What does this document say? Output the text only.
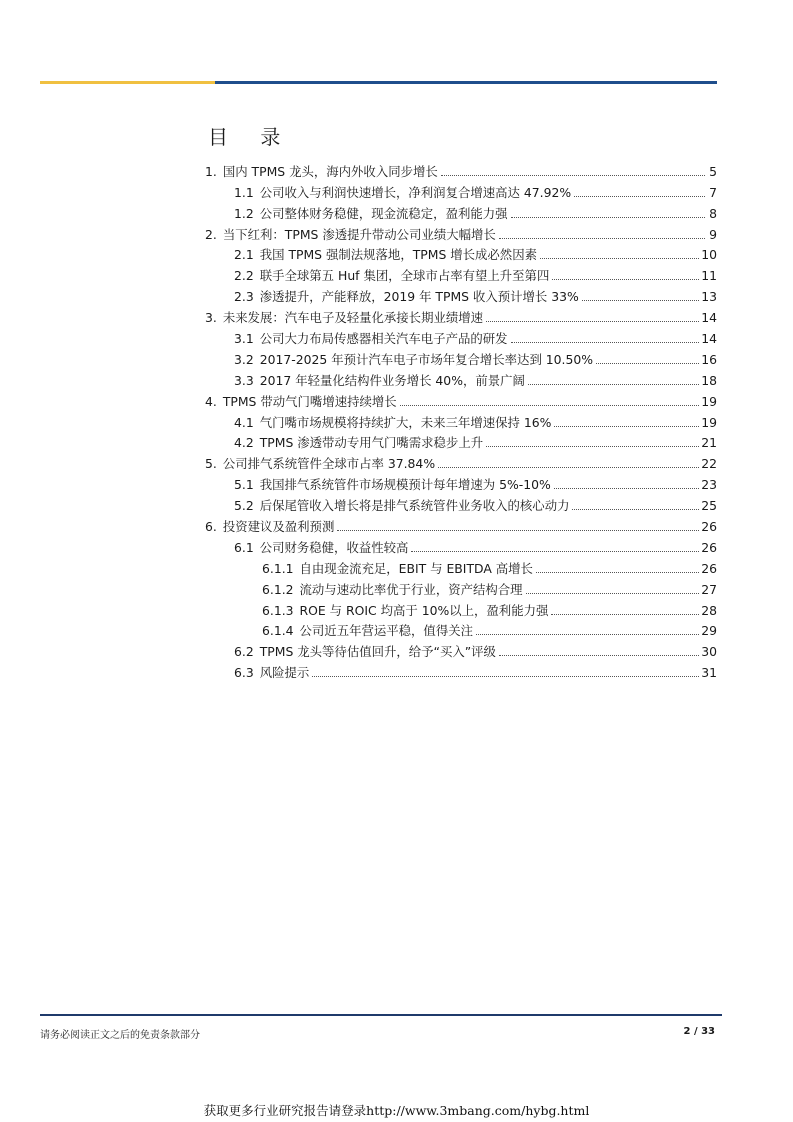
目 录
1. 国内 TPMS 龙头，海内外收入同步增长	5
1.1 公司收入与利润快速增长，净利润复合增速高达 47.92%	7
1.2 公司整体财务稳健，现金流稳定，盈利能力强	8
2. 当下红利：TPMS 渗透提升带动公司业绩大幅增长	9
2.1 我国 TPMS 强制法规落地，TPMS 增长成必然因素	10
2.2 联手全球第五 Huf 集团，全球市占率有望上升至第四	11
2.3 渗透提升，产能释放，2019 年 TPMS 收入预计增长 33%	13
3. 未来发展：汽车电子及轻量化承接长期业绩增速	14
3.1 公司大力布局传感器相关汽车电子产品的研发	14
3.2 2017-2025 年预计汽车电子市场年复合增长率达到 10.50%	16
3.3 2017 年轻量化结构件业务增长 40%，前景广阔	18
4. TPMS 带动气门嘴增速持续增长	19
4.1 气门嘴市场规模将持续扩大，未来三年增速保持 16%	19
4.2 TPMS 渗透带动专用气门嘴需求稳步上升	21
5. 公司排气系统管件全球市占率 37.84%	22
5.1 我国排气系统管件市场规模预计每年增速为 5%-10%	23
5.2 后保尾管收入增长将是排气系统管件业务收入的核心动力	25
6. 投资建议及盈利预测	26
6.1 公司财务稳健，收益性较高	26
6.1.1 自由现金流充足，EBIT 与 EBITDA 高增长	26
6.1.2 流动与速动比率优于行业，资产结构合理	27
6.1.3 ROE 与 ROIC 均高于 10%以上，盈利能力强	28
6.1.4 公司近五年营运平稳，值得关注	29
6.2 TPMS 龙头等待估值回升，给予“买入”评级	30
6.3 风险提示	31
请务必阅读正文之后的免责条款部分	2 / 33
获取更多行业研究报告请登录http://www.3mbang.com/hybg.html
